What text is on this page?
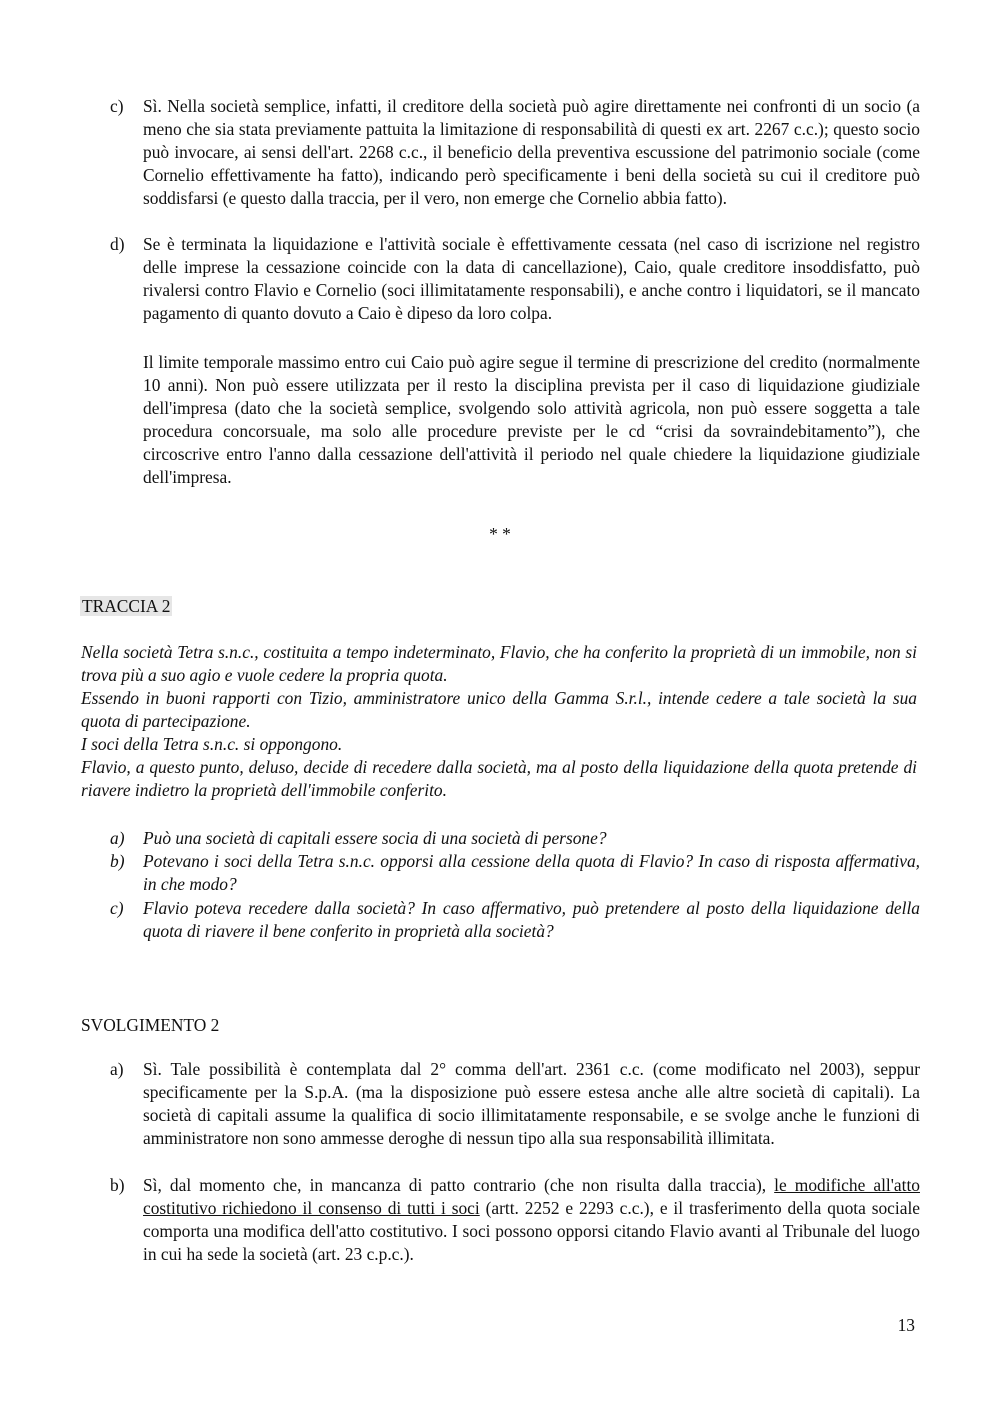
c) Sì. Nella società semplice, infatti, il creditore della società può agire direttamente nei confronti di un socio (a meno che sia stata previamente pattuita la limitazione di responsabilità di questi ex art. 2267 c.c.); questo socio può invocare, ai sensi dell'art. 2268 c.c., il beneficio della preventiva escussione del patrimonio sociale (come Cornelio effettivamente ha fatto), indicando però specificamente i beni della società su cui il creditore può soddisfarsi (e questo dalla traccia, per il vero, non emerge che Cornelio abbia fatto).
d) Se è terminata la liquidazione e l'attività sociale è effettivamente cessata (nel caso di iscrizione nel registro delle imprese la cessazione coincide con la data di cancellazione), Caio, quale creditore insoddisfatto, può rivalersi contro Flavio e Cornelio (soci illimitatamente responsabili), e anche contro i liquidatori, se il mancato pagamento di quanto dovuto a Caio è dipeso da loro colpa.
Il limite temporale massimo entro cui Caio può agire segue il termine di prescrizione del credito (normalmente 10 anni). Non può essere utilizzata per il resto la disciplina prevista per il caso di liquidazione giudiziale dell'impresa (dato che la società semplice, svolgendo solo attività agricola, non può essere soggetta a tale procedura concorsuale, ma solo alle procedure previste per le cd “crisi da sovraindebitamento”), che circoscrive entro l'anno dalla cessazione dell'attività il periodo nel quale chiedere la liquidazione giudiziale dell'impresa.
* *
TRACCIA 2

Nella società Tetra s.n.c., costituita a tempo indeterminato, Flavio, che ha conferito la proprietà di un immobile, non si trova più a suo agio e vuole cedere la propria quota.

Essendo in buoni rapporti con Tizio, amministratore unico della Gamma S.r.l., intende cedere a tale società la sua quota di partecipazione.

I soci della Tetra s.n.c. si oppongono.

Flavio, a questo punto, deluso, decide di recedere dalla società, ma al posto della liquidazione della quota pretende di riavere indietro la proprietà dell'immobile conferito.

a) Può una società di capitali essere socia di una società di persone?
b) Potevano i soci della Tetra s.n.c. opporsi alla cessione della quota di Flavio? In caso di risposta affermativa, in che modo?
c) Flavio poteva recedere dalla società? In caso affermativo, può pretendere al posto della liquidazione della quota di riavere il bene conferito in proprietà alla società?
SVOLGIMENTO 2
a) Sì. Tale possibilità è contemplata dal 2° comma dell'art. 2361 c.c. (come modificato nel 2003), seppur specificamente per la S.p.A. (ma la disposizione può essere estesa anche alle altre società di capitali). La società di capitali assume la qualifica di socio illimitatamente responsabile, e se svolge anche le funzioni di amministratore non sono ammesse deroghe di nessun tipo alla sua responsabilità illimitata.
b) Sì, dal momento che, in mancanza di patto contrario (che non risulta dalla traccia), le modifiche all'atto costitutivo richiedono il consenso di tutti i soci (artt. 2252 e 2293 c.c.), e il trasferimento della quota sociale comporta una modifica dell'atto costitutivo. I soci possono opporsi citando Flavio avanti al Tribunale del luogo in cui ha sede la società (art. 23 c.p.c.).
13
